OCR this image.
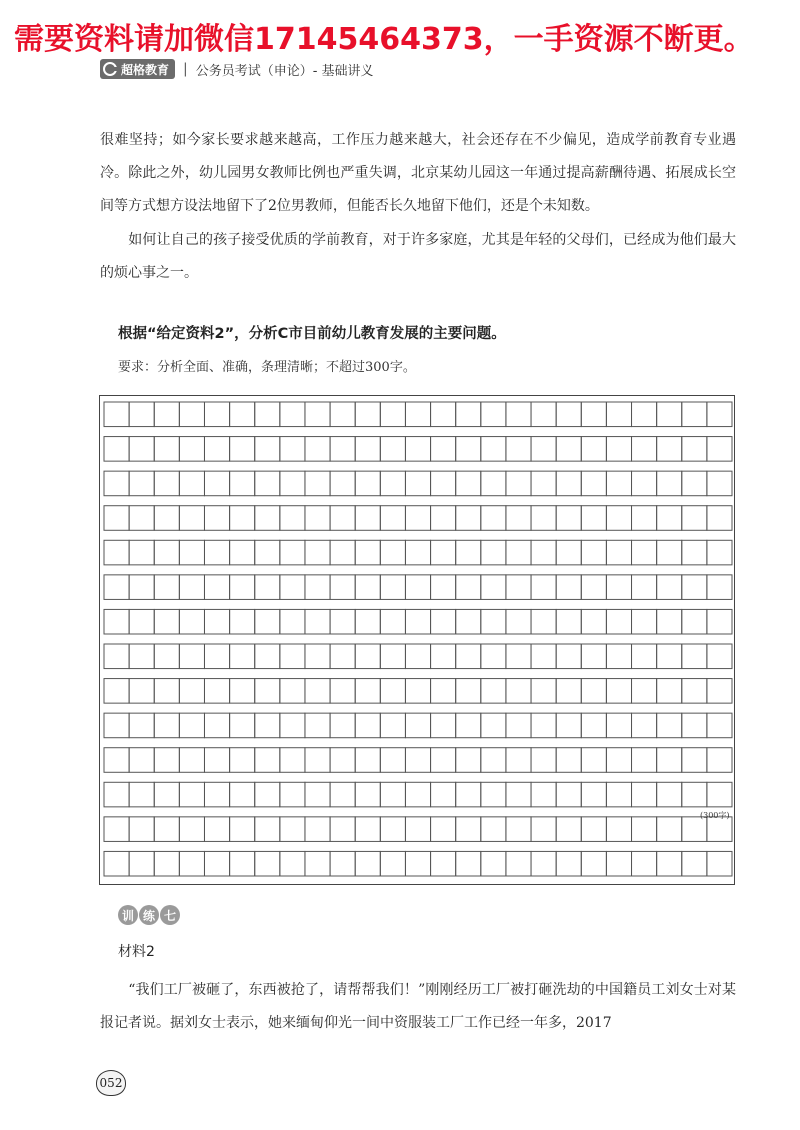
需要资料请加微信17145464373，一手资源不断更。
超格教育 | 公务员考试（申论）- 基础讲义

很难坚持；如今家长要求越来越高，工作压力越来越大，社会还存在不少偏见，造成学前教育专业遇冷。除此之外，幼儿园男女教师比例也严重失调，北京某幼儿园这一年通过提高薪酬待遇、拓展成长空间等方式想方设法地留下了2位男教师，但能否长久地留下他们，还是个未知数。

　　如何让自己的孩子接受优质的学前教育，对于许多家庭，尤其是年轻的父母们，已经成为他们最大的烦心事之一。

根据“给定资料2”，分析C市目前幼儿教育发展的主要问题。
要求：分析全面、准确，条理清晰；不超过300字。
(300字)
训 练 七
材料2

　　“我们工厂被砸了，东西被抢了，请帮帮我们！”刚刚经历工厂被打砸洗劫的中国籍员工刘女士对某报记者说。据刘女士表示，她来缅甸仰光一间中资服装工厂工作已经一年多，2017

052
